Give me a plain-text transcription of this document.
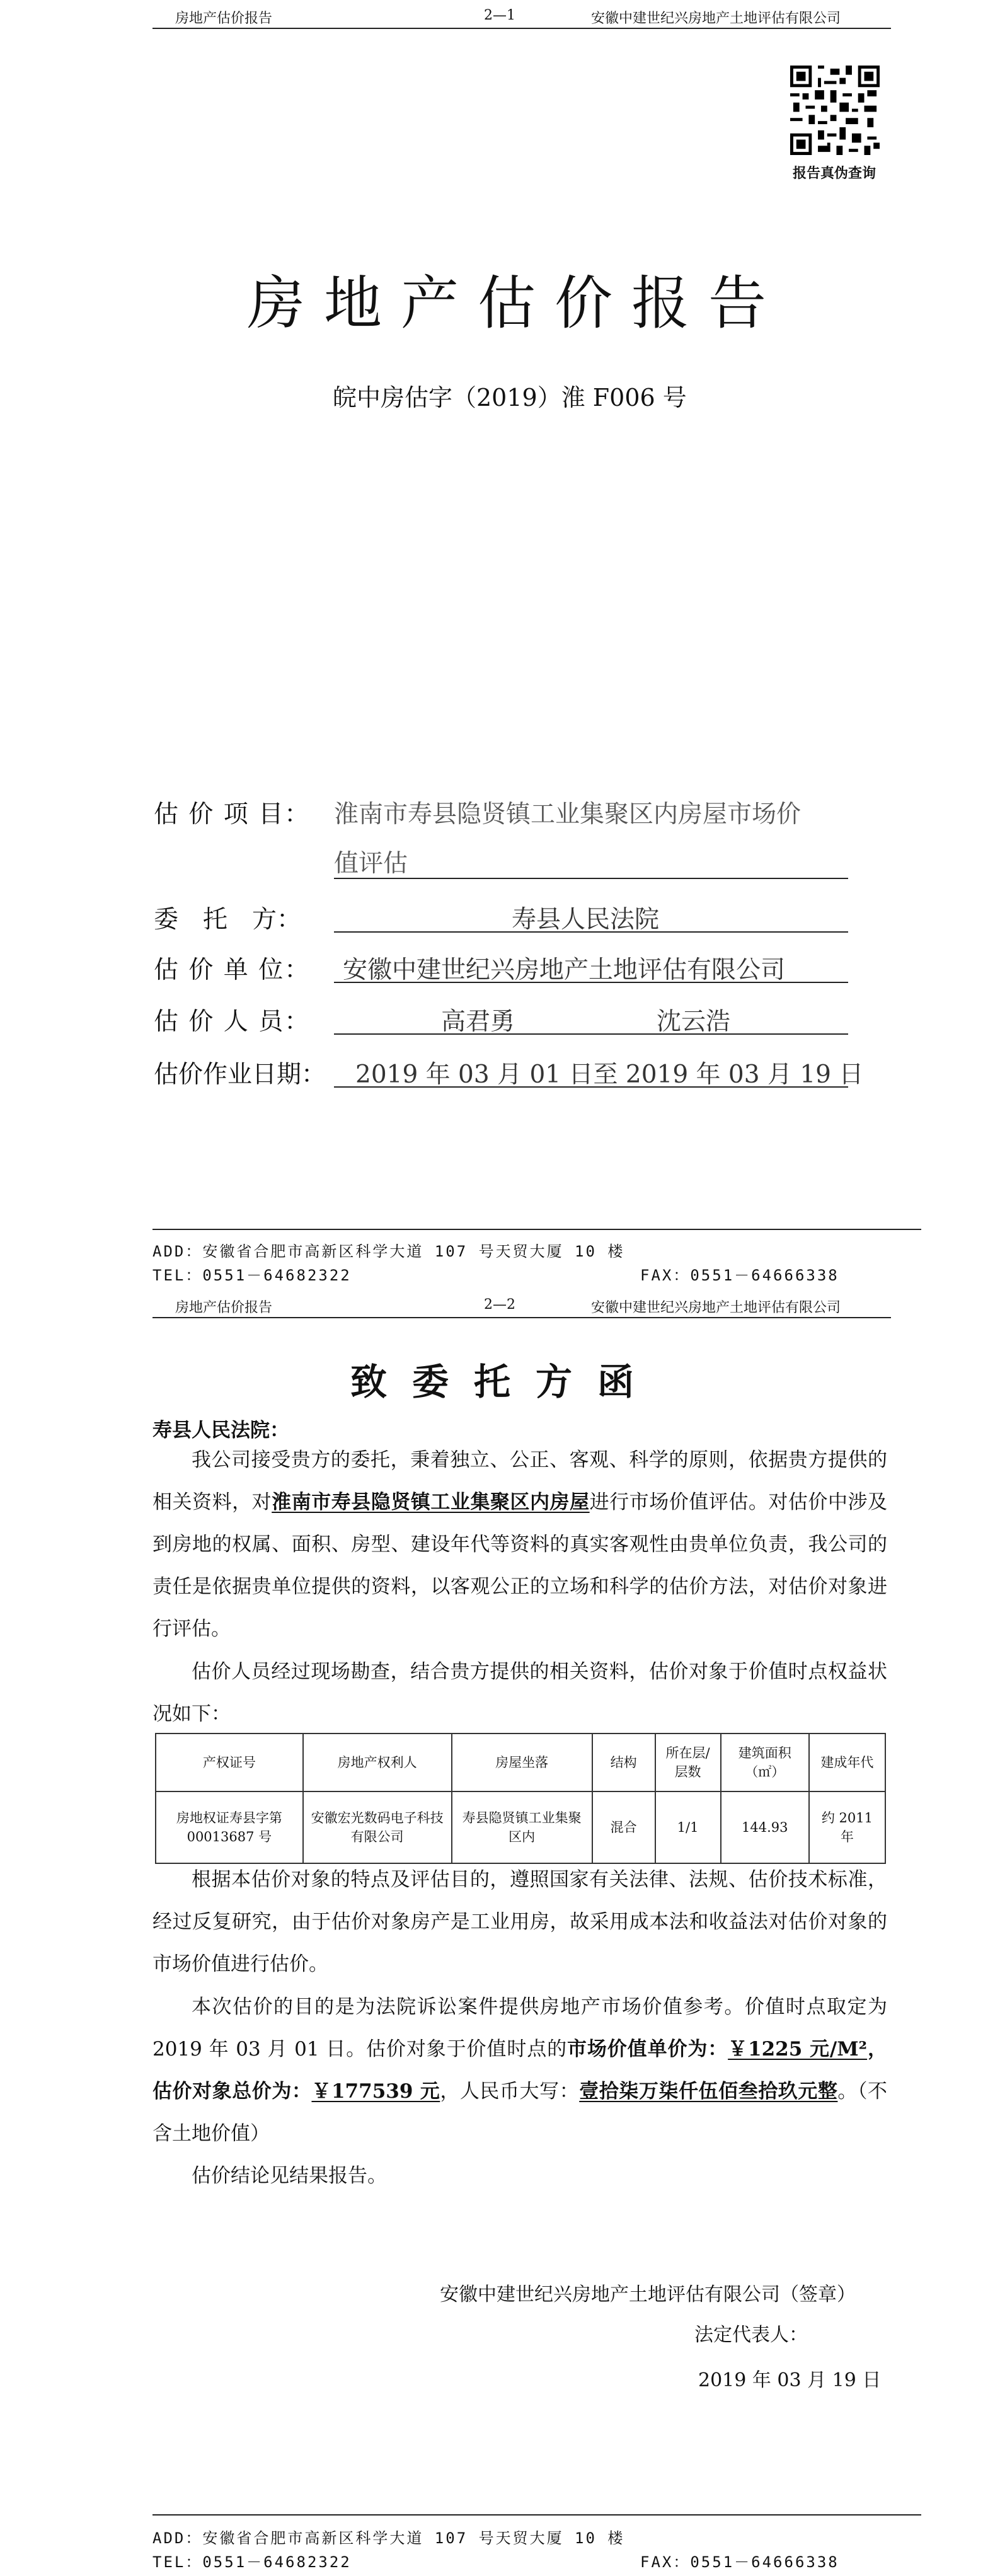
房地产估价报告	2—1	安徽中建世纪兴房地产土地评估有限公司
报告真伪查询
房地产估价报告
皖中房估字（2019）淮 F006 号
估 价 项 目： 淮南市寿县隐贤镇工业集聚区内房屋市场价
值评估
委 托 方：	寿县人民法院
估 价 单 位： 安徽中建世纪兴房地产土地评估有限公司
估 价 人 员：	高君勇	沈云浩
估价作业日期： 2019 年 03 月 01 日至 2019 年 03 月 19 日
ADD：安徽省合肥市高新区科学大道 107 号天贸大厦 10 楼
TEL：0551－64682322	FAX：0551－64666338
房地产估价报告	2—2	安徽中建世纪兴房地产土地评估有限公司
致委托方函
寿县人民法院：
我公司接受贵方的委托，秉着独立、公正、客观、科学的原则，依据贵方提供的相关资料，对淮南市寿县隐贤镇工业集聚区内房屋进行市场价值评估。对估价中涉及到房地的权属、面积、房型、建设年代等资料的真实客观性由贵单位负责，我公司的责任是依据贵单位提供的资料，以客观公正的立场和科学的估价方法，对估价对象进行评估。
估价人员经过现场勘查，结合贵方提供的相关资料，估价对象于价值时点权益状况如下：
产权证号	房地产权利人	房屋坐落	结构	所在层/层数	建筑面积（㎡）	建成年代
房地权证寿县字第00013687 号	安徽宏光数码电子科技有限公司	寿县隐贤镇工业集聚区内	混合	1/1	144.93	约 2011 年
根据本估价对象的特点及评估目的，遵照国家有关法律、法规、估价技术标准，经过反复研究，由于估价对象房产是工业用房，故采用成本法和收益法对估价对象的市场价值进行估价。
本次估价的目的是为法院诉讼案件提供房地产市场价值参考。价值时点取定为 2019 年 03 月 01 日。估价对象于价值时点的市场价值单价为：￥1225 元/M²，估价对象总价为：￥177539 元，人民币大写：壹拾柒万柒仟伍佰叁拾玖元整。（不含土地价值）
估价结论见结果报告。
安徽中建世纪兴房地产土地评估有限公司（签章）
法定代表人：
2019 年 03 月 19 日
ADD：安徽省合肥市高新区科学大道 107 号天贸大厦 10 楼
TEL：0551－64682322	FAX：0551－64666338
